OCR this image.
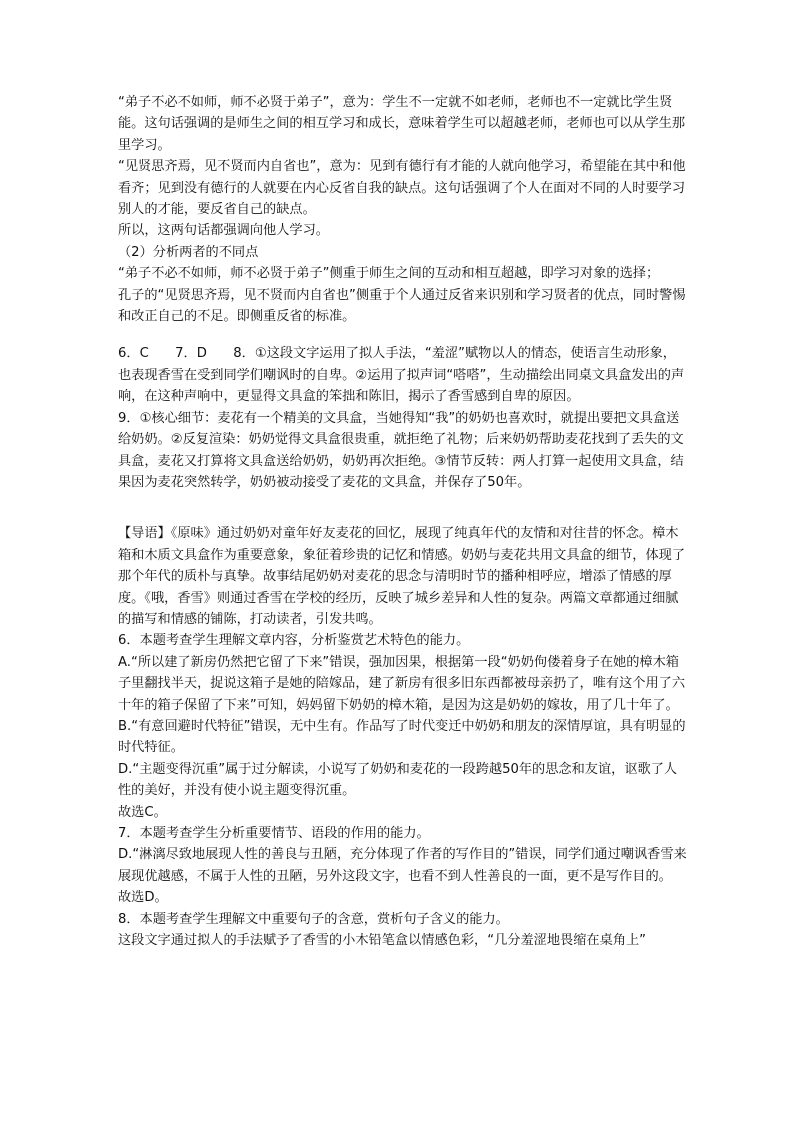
“弟子不必不如师，师不必贤于弟子”，意为：学生不一定就不如老师，老师也不一定就比学生贤能。这句话强调的是师生之间的相互学习和成长，意味着学生可以超越老师，老师也可以从学生那里学习。

“见贤思齐焉，见不贤而内自省也”，意为：见到有德行有才能的人就向他学习，希望能在其中和他看齐；见到没有德行的人就要在内心反省自我的缺点。这句话强调了个人在面对不同的人时要学习别人的才能，要反省自己的缺点。

所以，这两句话都强调向他人学习。

（2）分析两者的不同点

“弟子不必不如师，师不必贤于弟子”侧重于师生之间的互动和相互超越，即学习对象的选择；

孔子的“见贤思齐焉，见不贤而内自省也”侧重于个人通过反省来识别和学习贤者的优点，同时警惕和改正自己的不足。即侧重反省的标准。

6．C　　7．D　　8．①这段文字运用了拟人手法，“羞涩”赋物以人的情态，使语言生动形象，也表现香雪在受到同学们嘲讽时的自卑。②运用了拟声词“嗒嗒”，生动描绘出同桌文具盒发出的声响，在这种声响中，更显得文具盒的笨拙和陈旧，揭示了香雪感到自卑的原因。

9．①核心细节：麦花有一个精美的文具盒，当她得知“我”的奶奶也喜欢时，就提出要把文具盒送给奶奶。②反复渲染：奶奶觉得文具盒很贵重，就拒绝了礼物；后来奶奶帮助麦花找到了丢失的文具盒，麦花又打算将文具盒送给奶奶，奶奶再次拒绝。③情节反转：两人打算一起使用文具盒，结果因为麦花突然转学，奶奶被动接受了麦花的文具盒，并保存了50年。

【导语】《原味》通过奶奶对童年好友麦花的回忆，展现了纯真年代的友情和对往昔的怀念。樟木箱和木质文具盒作为重要意象，象征着珍贵的记忆和情感。奶奶与麦花共用文具盒的细节，体现了那个年代的质朴与真挚。故事结尾奶奶对麦花的思念与清明时节的播种相呼应，增添了情感的厚度。《哦，香雪》则通过香雪在学校的经历，反映了城乡差异和人性的复杂。两篇文章都通过细腻的描写和情感的铺陈，打动读者，引发共鸣。

6．本题考查学生理解文章内容，分析鉴赏艺术特色的能力。

A.“所以建了新房仍然把它留了下来”错误，强加因果，根据第一段“奶奶佝偻着身子在她的樟木箱子里翻找半天，捉说这箱子是她的陪嫁品，建了新房有很多旧东西都被母亲扔了，唯有这个用了六十年的箱子保留了下来”可知，妈妈留下奶奶的樟木箱，是因为这是奶奶的嫁妆，用了几十年了。

B.“有意回避时代特征”错误，无中生有。作品写了时代变迁中奶奶和朋友的深情厚谊，具有明显的时代特征。

D.“主题变得沉重”属于过分解读，小说写了奶奶和麦花的一段跨越50年的思念和友谊，讴歌了人性的美好，并没有使小说主题变得沉重。

故选C。

7．本题考查学生分析重要情节、语段的作用的能力。

D.“淋漓尽致地展现人性的善良与丑陋，充分体现了作者的写作目的”错误，同学们通过嘲讽香雪来展现优越感，不属于人性的丑陋，另外这段文字，也看不到人性善良的一面，更不是写作目的。

故选D。

8．本题考查学生理解文中重要句子的含意，赏析句子含义的能力。

这段文字通过拟人的手法赋予了香雪的小木铅笔盒以情感色彩，“几分羞涩地畏缩在桌角上”
